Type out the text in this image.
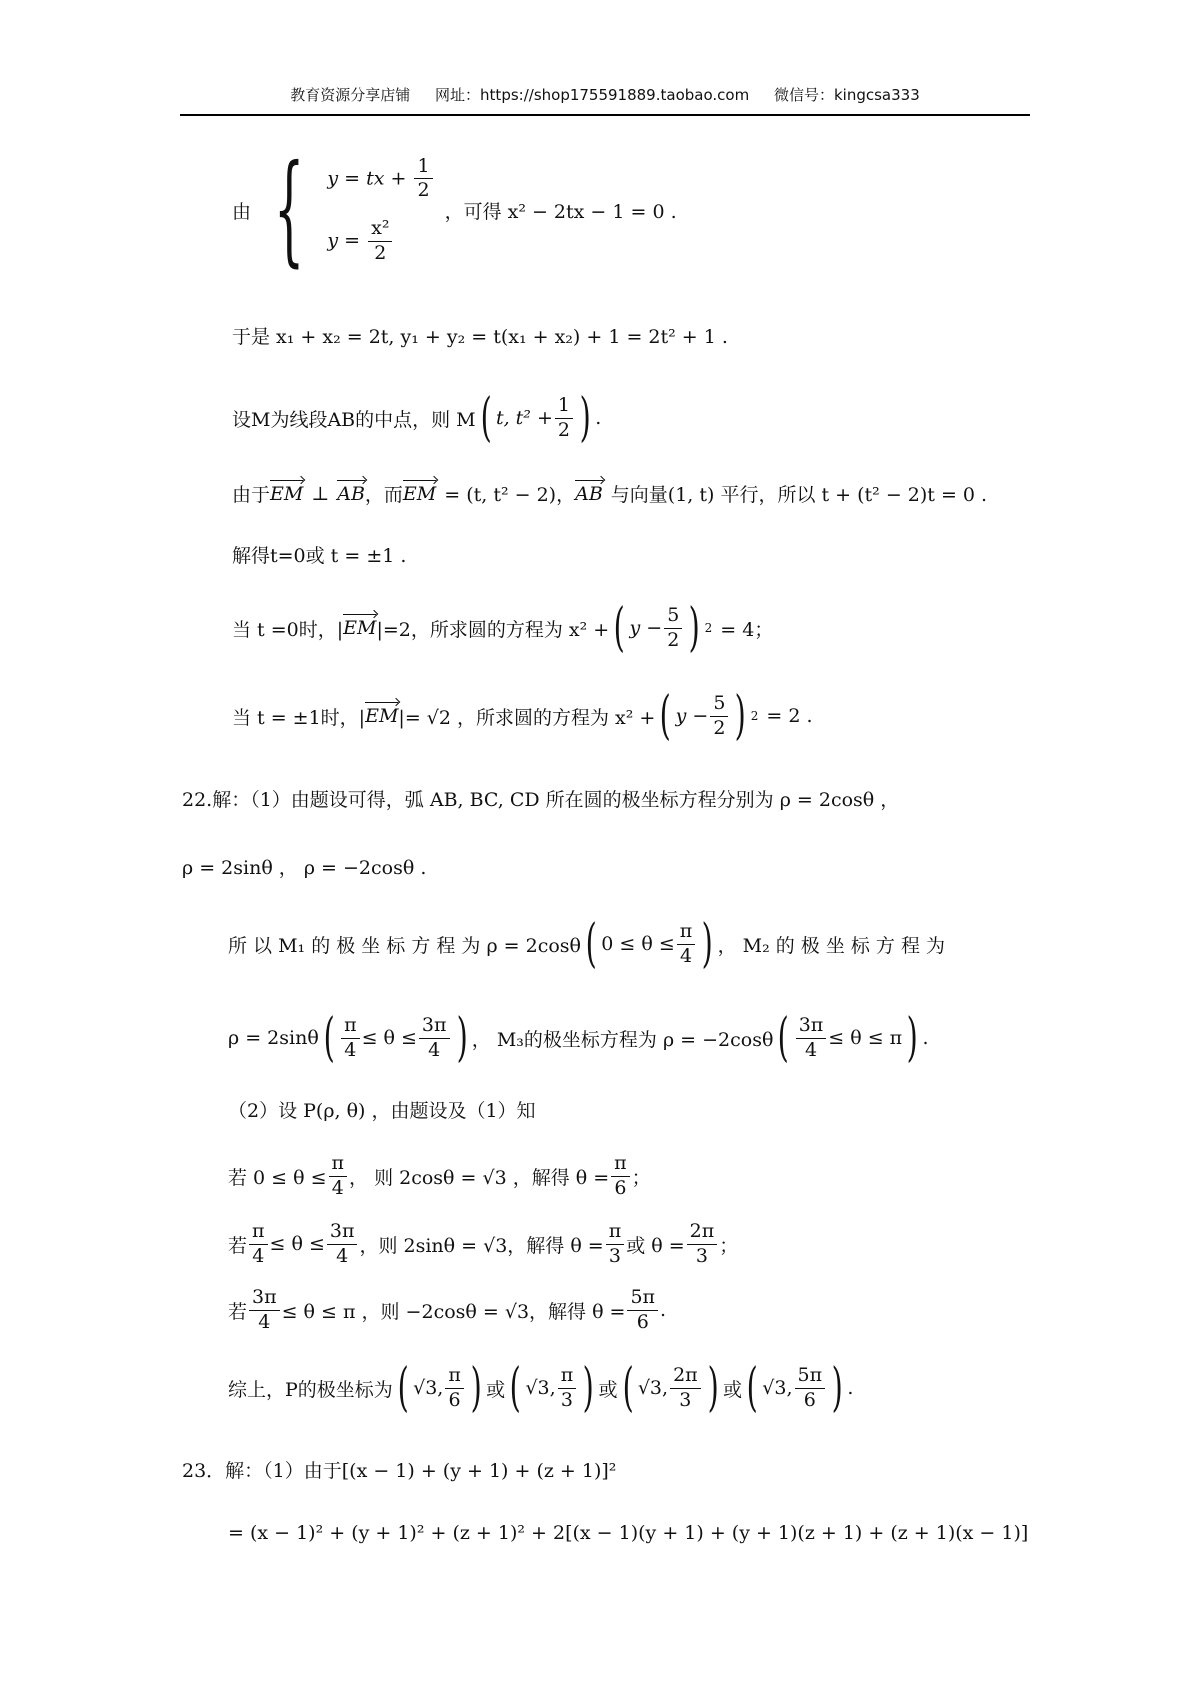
教育资源分享店铺 网址：https://shop175591889.taobao.com 微信号：kingcsa333
由 { y = tx + $\frac{1}{2}$
$y = \frac{\text{x²}}{2}$
，可得 x² − 2tx − 1 = 0 .
于是 x₁ + x₂ = 2t, y₁ + y₂ = t(x₁ + x₂) + 1 = 2t² + 1 .
设M为线段AB的中点，则 M ( t, $t^2 + \frac{1}{2}$ ) .
由于 EM ⊥ AB ，而 EM = (t, t² − 2)， AB 与向量(1, t) 平行，所以 t + (t² − 2)t = 0 .
解得t=0或 t = ±1 .
当 t =0时，| EM |=2，所求圆的方程为 x² + ( $y - \frac{5}{2}$ ) 2 = 4；
当 t = ±1时，| EM |= √2 ，所求圆的方程为 x² + ( $y - \frac{5}{2}$ ) 2 = 2 .
22.解：（1）由题设可得，弧 AB, BC, CD 所在圆的极坐标方程分别为 ρ = 2cosθ ，
ρ = 2sinθ ， ρ = −2cosθ .
所 以 M₁ 的 极 坐 标 方 程 为 ρ = 2cosθ ( $0 \le \theta \le \frac{\pi}{4}$ ) ， M₂ 的 极 坐 标 方 程 为
ρ = 2sinθ ( $\frac{\pi}{4} \le \theta \le \frac{3\pi}{4}$ ) ， M₃的极坐标方程为 ρ = −2cosθ ( $\frac{3\pi}{4} \le \theta \le \pi$ ) .
（2）设 P(ρ, θ) ，由题设及（1）知
若 $0 \le \theta \le \frac{\pi}{4}$ ， 则 2cosθ = √3 ，解得 $\theta = \frac{\pi}{6}$ ；
若 $\frac{\pi}{4} \le \theta \le \frac{3\pi}{4}$ ，则 2sinθ = √3，解得 $\theta = \frac{\pi}{3}$ 或 $\theta = \frac{2\pi}{3}$ ；
若 $\frac{3\pi}{4} \le \theta \le \pi$ ，则 −2cosθ = √3，解得 $\theta = \frac{5\pi}{6}$ .
综上，P的极坐标为 ( √3, $\frac{\pi}{6}$ ) 或 ( √3, $\frac{\pi}{3}$ ) 或 ( √3, $\frac{2\pi}{3}$ ) 或 ( √3, $\frac{5\pi}{6}$ ) .
23．解：（1）由于[(x − 1) + (y + 1) + (z + 1)]²
= (x − 1)² + (y + 1)² + (z + 1)² + 2[(x − 1)(y + 1) + (y + 1)(z + 1) + (z + 1)(x − 1)]
